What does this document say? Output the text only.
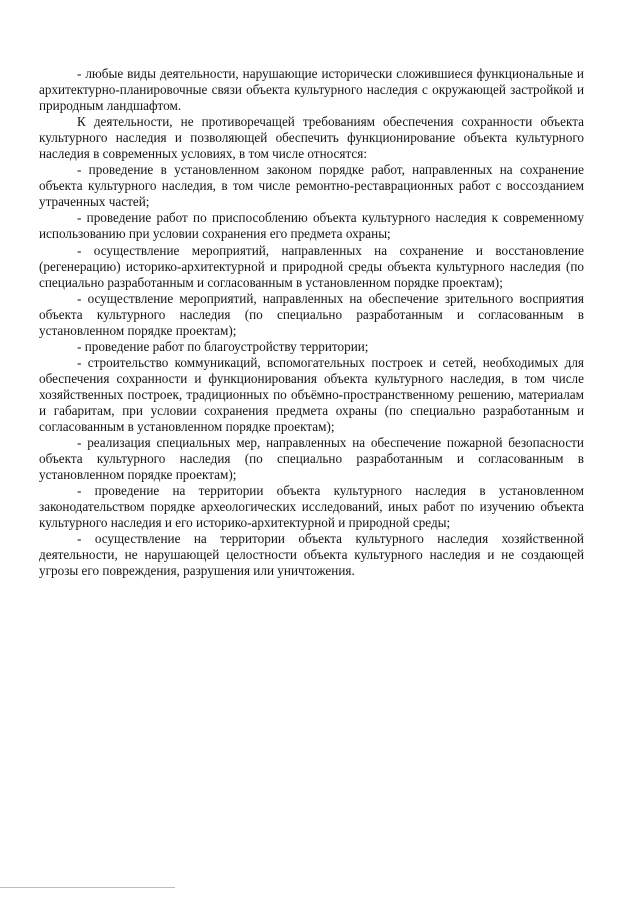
- любые виды деятельности, нарушающие исторически сложившиеся функциональные и архитектурно-планировочные связи объекта культурного наследия с окружающей застройкой и природным ландшафтом.

К деятельности, не противоречащей требованиям обеспечения сохранности объекта культурного наследия и позволяющей обеспечить функционирование объекта культурного наследия в современных условиях, в том числе относятся:

- проведение в установленном законом порядке работ, направленных на сохранение объекта культурного наследия, в том числе ремонтно-реставрационных работ с воссозданием утраченных частей;

- проведение работ по приспособлению объекта культурного наследия к современному использованию при условии сохранения его предмета охраны;

- осуществление мероприятий, направленных на сохранение и восстановление (регенерацию) историко-архитектурной и природной среды объекта культурного наследия (по специально разработанным и согласованным в установленном порядке проектам);

- осуществление мероприятий, направленных на обеспечение зрительного восприятия объекта культурного наследия (по специально разработанным и согласованным в установленном порядке проектам);

- проведение работ по благоустройству территории;

- строительство коммуникаций, вспомогательных построек и сетей, необходимых для обеспечения сохранности и функционирования объекта культурного наследия, в том числе хозяйственных построек, традиционных по объёмно-пространственному решению, материалам и габаритам, при условии сохранения предмета охраны (по специально разработанным и согласованным в установленном порядке проектам);

- реализация специальных мер, направленных на обеспечение пожарной безопасности объекта культурного наследия (по специально разработанным и согласованным в установленном порядке проектам);

- проведение на территории объекта культурного наследия в установленном законодательством порядке археологических исследований, иных работ по изучению объекта культурного наследия и его историко-архитектурной и природной среды;

- осуществление на территории объекта культурного наследия хозяйственной деятельности, не нарушающей целостности объекта культурного наследия и не создающей угрозы его повреждения, разрушения или уничтожения.
